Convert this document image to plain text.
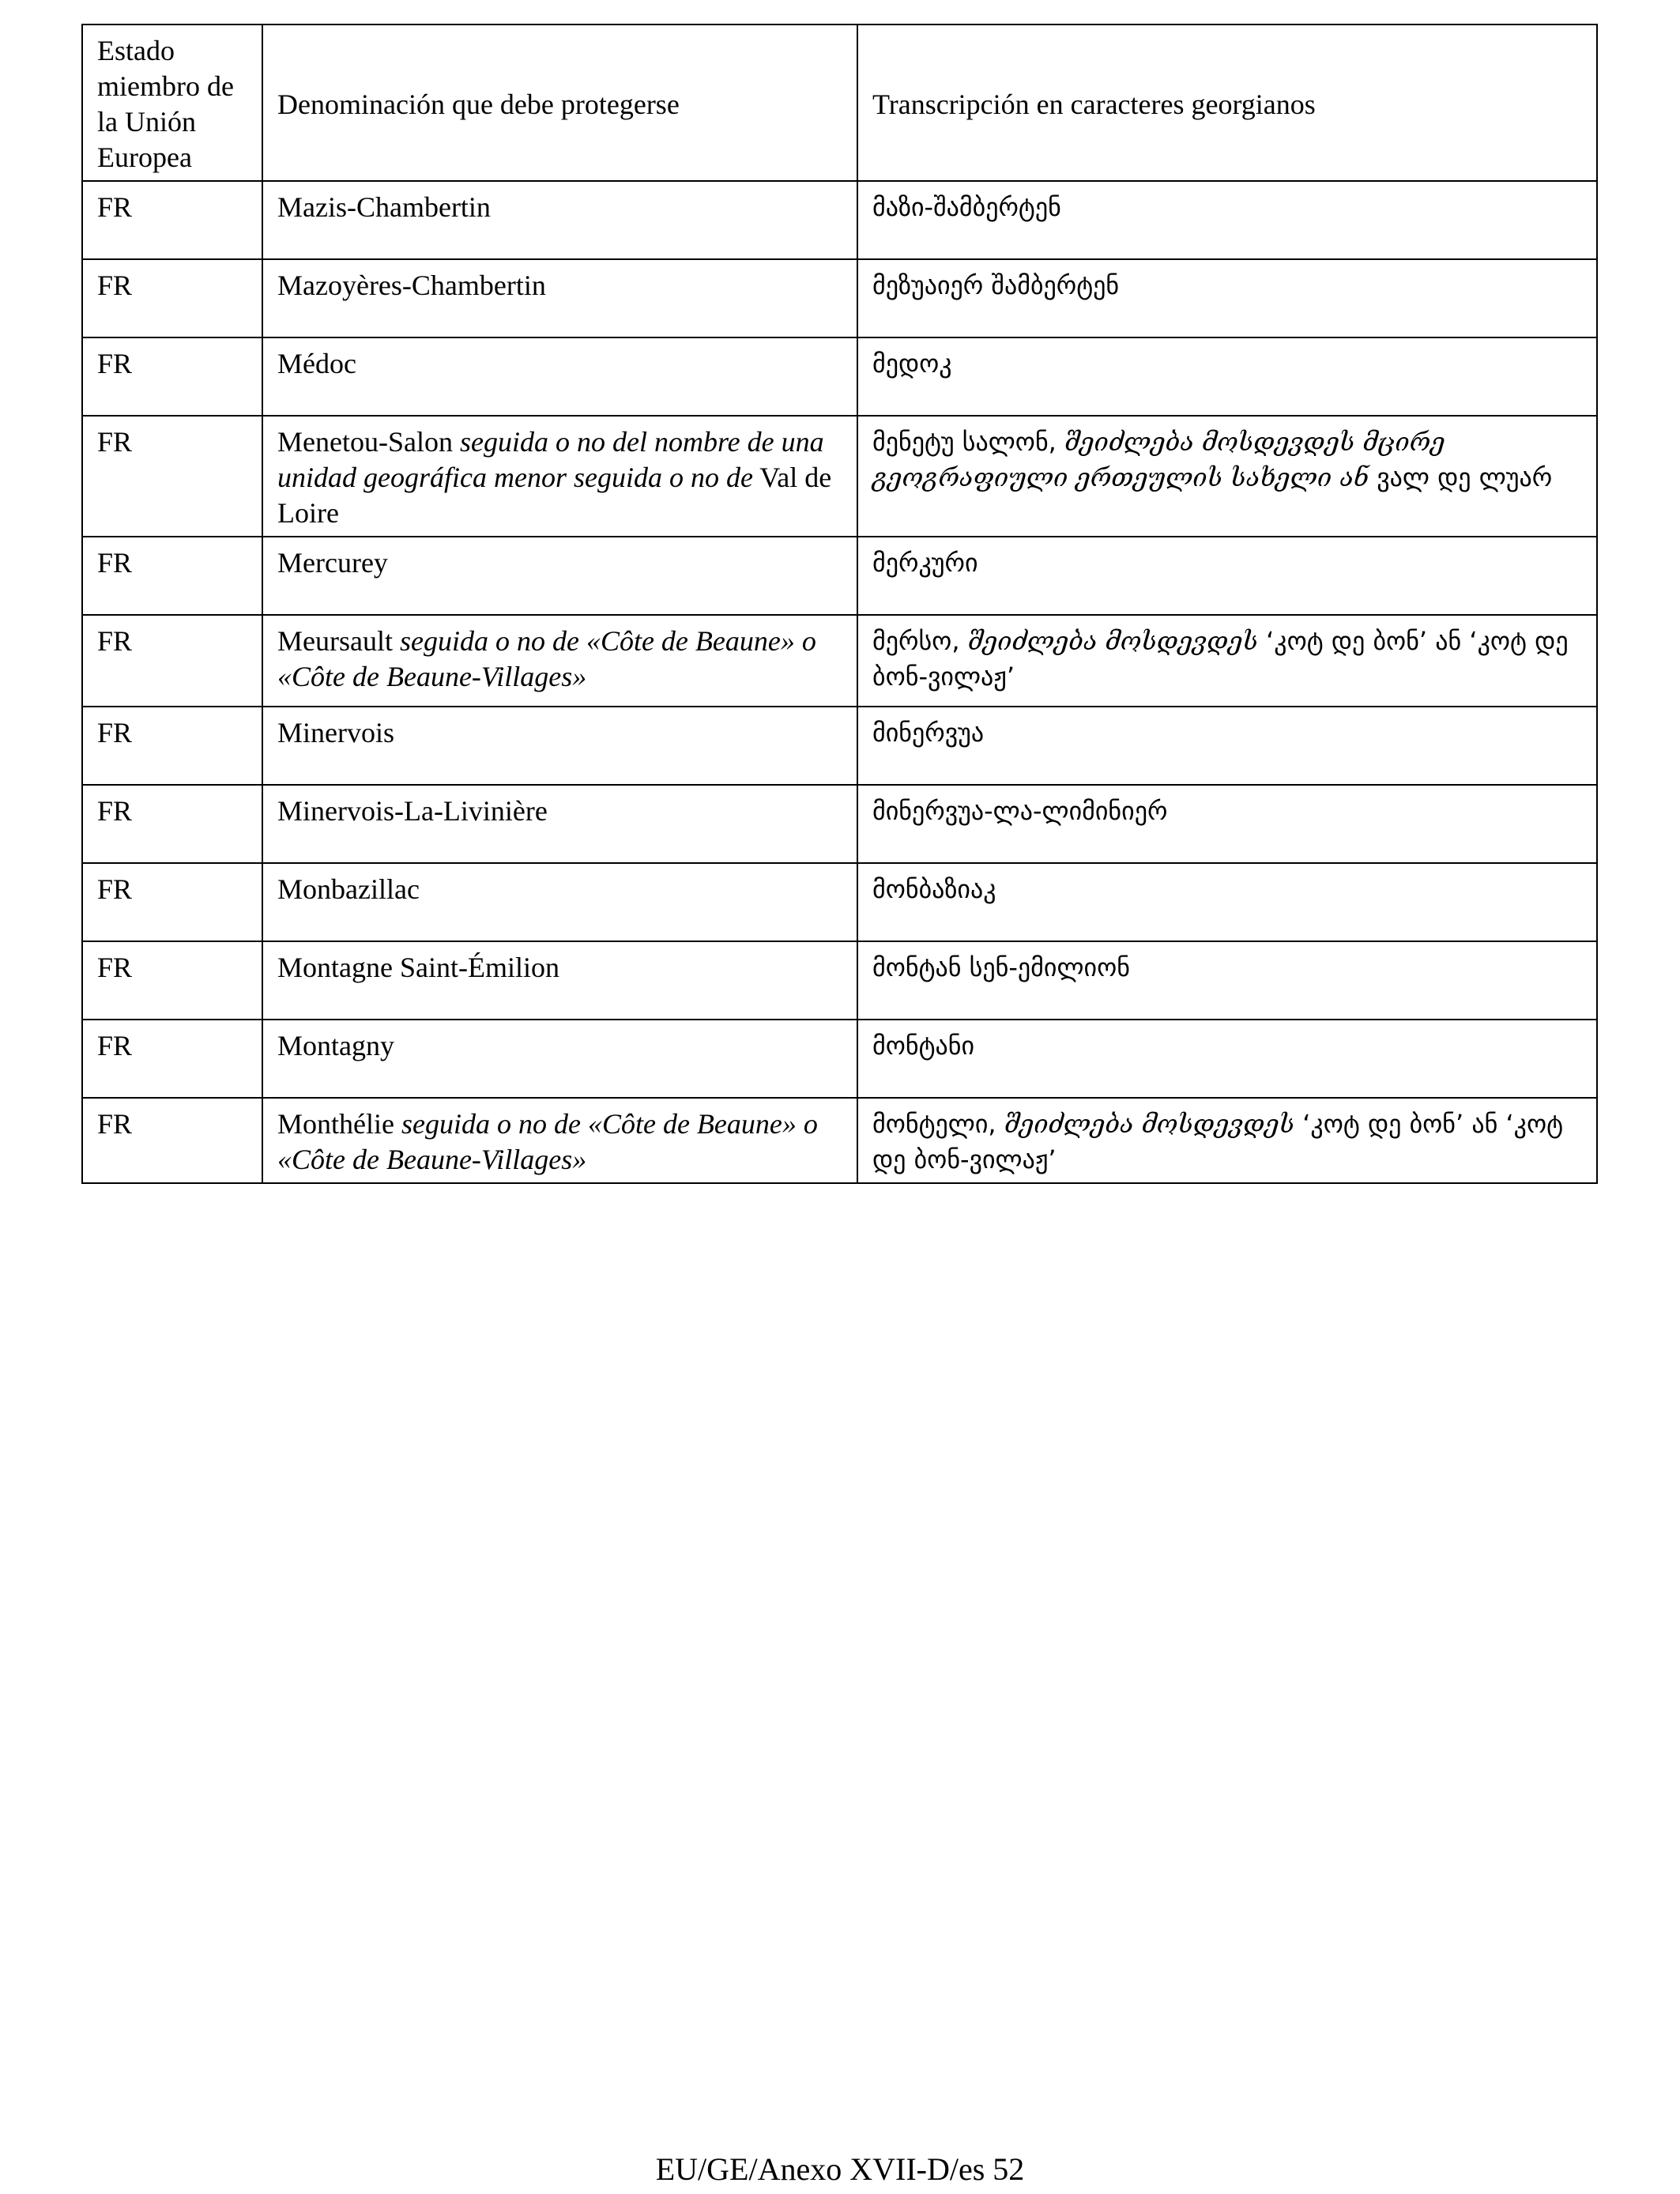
Estado miembro de la Unión Europea	Denominación que debe protegerse	Transcripción en caracteres georgianos
FR	Mazis-Chambertin	მაზი-შამბერტენ
FR	Mazoyères-Chambertin	მეზუაიერ შამბერტენ
FR	Médoc	მედოკ
FR	Menetou-Salon seguida o no del nombre de una unidad geográfica menor seguida o no de Val de Loire	მენეტუ სალონ, შეიძლება მოსდევდეს მცირე გეოგრაფიული ერთეულის სახელი ან ვალ დე ლუარ
FR	Mercurey	მერკური
FR	Meursault seguida o no de «Côte de Beaune» o «Côte de Beaune-Villages»	მერსო, შეიძლება მოსდევდეს ‘კოტ დე ბონ’ ან ‘კოტ დე ბონ-ვილაჟ’
FR	Minervois	მინერვუა
FR	Minervois-La-Livinière	მინერვუა-ლა-ლიმინიერ
FR	Monbazillac	მონბაზიაკ
FR	Montagne Saint-Émilion	მონტან სენ-ემილიონ
FR	Montagny	მონტანი
FR	Monthélie seguida o no de «Côte de Beaune» o «Côte de Beaune-Villages»	მონტელი, შეიძლება მოსდევდეს ‘კოტ დე ბონ’ ან ‘კოტ დე ბონ-ვილაჟ’
EU/GE/Anexo XVII-D/es 52
